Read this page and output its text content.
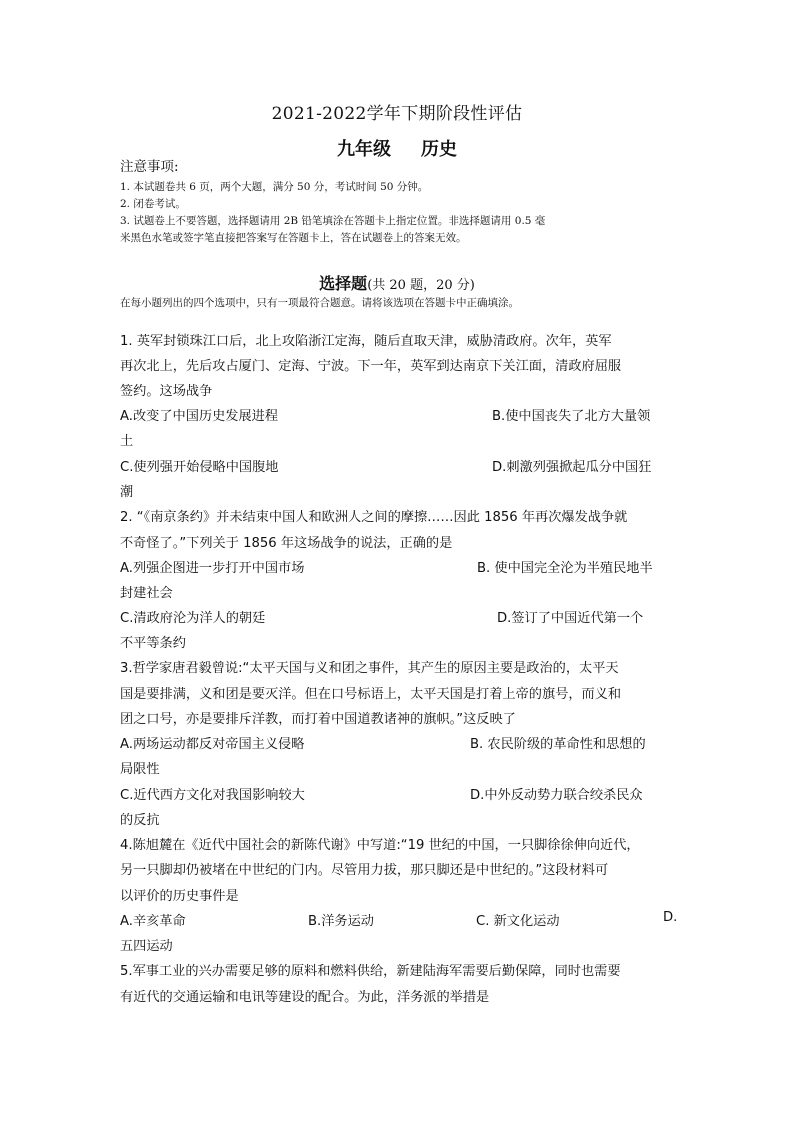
2021-2022学年下期阶段性评估
九年级 历史
注意事项:
1. 本试题卷共 6 页，两个大题，满分 50 分，考试时间 50 分钟。
2. 闭卷考试。
3. 试题卷上不要答题，选择题请用 2B 铅笔填涂在答题卡上指定位置。非选择题请用 0.5 毫
米黑色水笔或签字笔直接把答案写在答题卡上，答在试题卷上的答案无效。
选择题(共 20 题，20 分)
在每小题列出的四个选项中，只有一项最符合题意。请将该选项在答题卡中正确填涂。
1. 英军封锁珠江口后，北上攻陷浙江定海，随后直取天津，威胁清政府。次年，英军
再次北上，先后攻占厦门、定海、宁波。下一年，英军到达南京下关江面，清政府屈服
签约。这场战争
A.改变了中国历史发展进程	B.使中国丧失了北方大量领
土
C.使列强开始侵略中国腹地	D.刺激列强掀起瓜分中国狂
潮
2. “《南京条约》并未结束中国人和欧洲人之间的摩擦……因此 1856 年再次爆发战争就
不奇怪了。”下列关于 1856 年这场战争的说法，正确的是
A.列强企图进一步打开中国市场	B. 使中国完全沦为半殖民地半
封建社会
C.清政府沦为洋人的朝廷	D.签订了中国近代第一个
不平等条约
3.哲学家唐君毅曾说:“太平天国与义和团之事件，其产生的原因主要是政治的，太平天
国是要排满，义和团是要灭洋。但在口号标语上，太平天国是打着上帝的旗号，而义和
团之口号，亦是要排斥洋教，而打着中国道教诸神的旗帜。”这反映了
A.两场运动都反对帝国主义侵略	B. 农民阶级的革命性和思想的
局限性
C.近代西方文化对我国影响较大	D.中外反动势力联合绞杀民众
的反抗
4.陈旭麓在《近代中国社会的新陈代谢》中写道:“19 世纪的中国，一只脚徐徐伸向近代，
另一只脚却仍被堵在中世纪的门内。尽管用力拔，那只脚还是中世纪的。”这段材料可
以评价的历史事件是
A.辛亥革命	B.洋务运动	C. 新文化运动	D.
五四运动
5.军事工业的兴办需要足够的原料和燃料供给，新建陆海军需要后勤保障，同时也需要
有近代的交通运输和电讯等建设的配合。为此，洋务派的举措是
